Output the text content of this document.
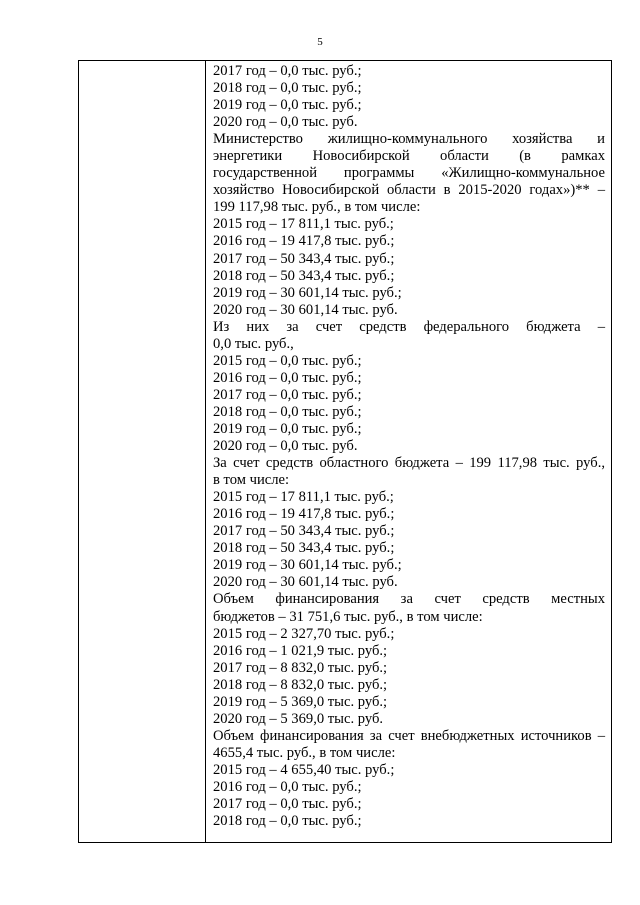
5

2017 год – 0,0 тыс. руб.;

2018 год – 0,0 тыс. руб.;

2019 год – 0,0 тыс. руб.;

2020 год – 0,0 тыс. руб.

Министерство жилищно-коммунального хозяйства и

энергетики Новосибирской области (в рамках

государственной программы «Жилищно-коммунальное

хозяйство Новосибирской области в 2015-2020 годах»)** –

199 117,98 тыс. руб., в том числе:

2015 год – 17 811,1 тыс. руб.;

2016 год – 19 417,8 тыс. руб.;

2017 год – 50 343,4 тыс. руб.;

2018 год – 50 343,4 тыс. руб.;

2019 год – 30 601,14 тыс. руб.;

2020 год – 30 601,14 тыс. руб.

Из них за счет средств федерального бюджета –

0,0 тыс. руб.,

2015 год – 0,0 тыс. руб.;

2016 год – 0,0 тыс. руб.;

2017 год – 0,0 тыс. руб.;

2018 год – 0,0 тыс. руб.;

2019 год – 0,0 тыс. руб.;

2020 год – 0,0 тыс. руб.

За счет средств областного бюджета – 199 117,98 тыс. руб.,

в том числе:

2015 год – 17 811,1 тыс. руб.;

2016 год – 19 417,8 тыс. руб.;

2017 год – 50 343,4 тыс. руб.;

2018 год – 50 343,4 тыс. руб.;

2019 год – 30 601,14 тыс. руб.;

2020 год – 30 601,14 тыс. руб.

Объем финансирования за счет средств местных

бюджетов – 31 751,6 тыс. руб., в том числе:

2015 год – 2 327,70 тыс. руб.;

2016 год – 1 021,9 тыс. руб.;

2017 год – 8 832,0 тыс. руб.;

2018 год – 8 832,0 тыс. руб.;

2019 год – 5 369,0 тыс. руб.;

2020 год – 5 369,0 тыс. руб.

Объем финансирования за счет внебюджетных источников –

4655,4 тыс. руб., в том числе:

2015 год – 4 655,40 тыс. руб.;

2016 год – 0,0 тыс. руб.;

2017 год – 0,0 тыс. руб.;

2018 год – 0,0 тыс. руб.;
